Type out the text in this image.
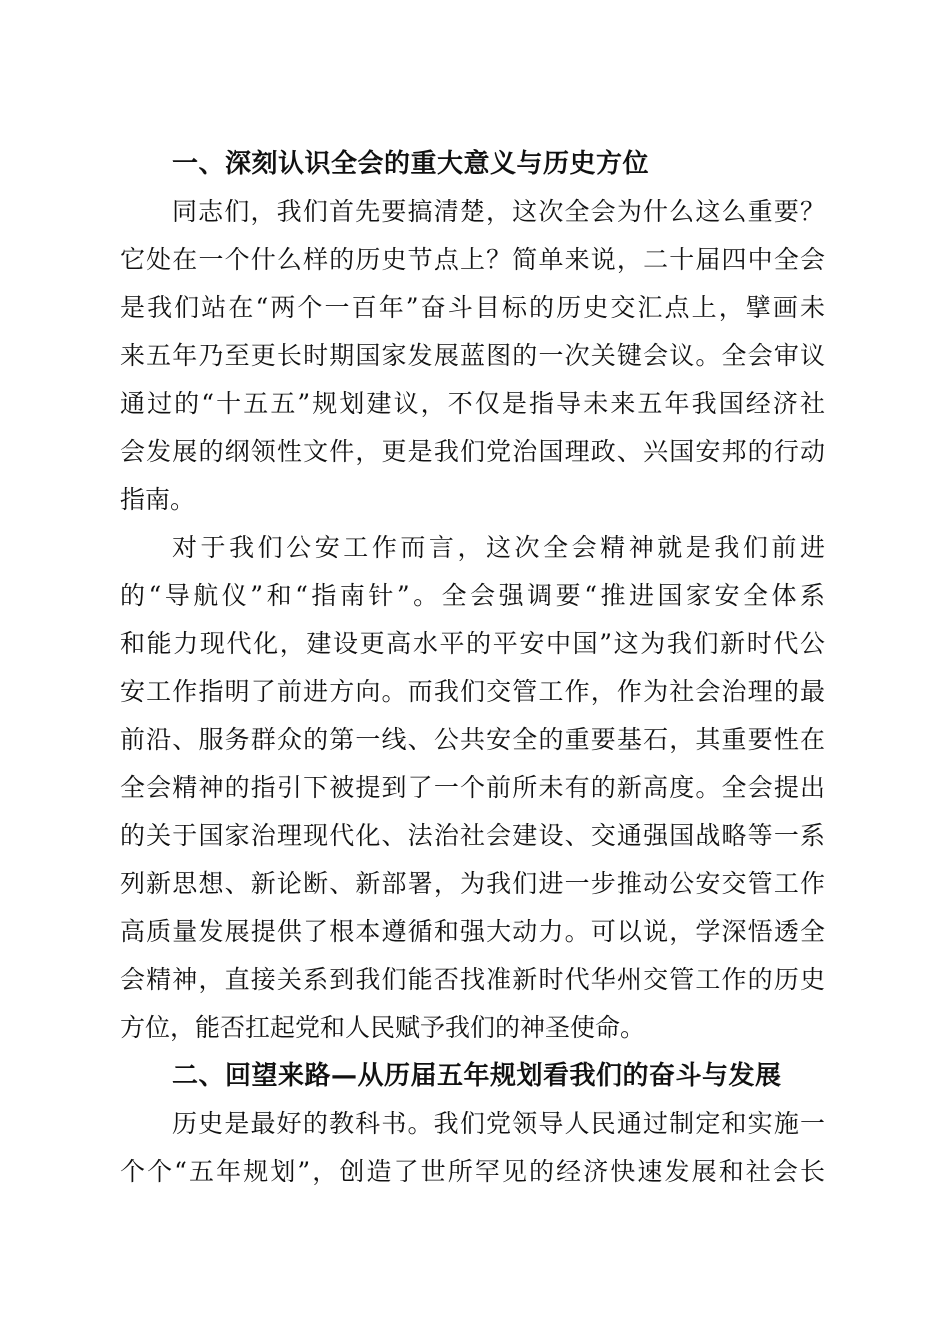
一、深刻认识全会的重大意义与历史方位
同志们，我们首先要搞清楚，这次全会为什么这么重要？
它处在一个什么样的历史节点上？简单来说，二十届四中全会
是我们站在“两个一百年”奋斗目标的历史交汇点上，擘画未
来五年乃至更长时期国家发展蓝图的一次关键会议。全会审议
通过的“十五五”规划建议，不仅是指导未来五年我国经济社
会发展的纲领性文件，更是我们党治国理政、兴国安邦的行动
指南。
对于我们公安工作而言，这次全会精神就是我们前进
的“导航仪”和“指南针”。全会强调要“推进国家安全体系
和能力现代化，建设更高水平的平安中国”这为我们新时代公
安工作指明了前进方向。而我们交管工作，作为社会治理的最
前沿、服务群众的第一线、公共安全的重要基石，其重要性在
全会精神的指引下被提到了一个前所未有的新高度。全会提出
的关于国家治理现代化、法治社会建设、交通强国战略等一系
列新思想、新论断、新部署，为我们进一步推动公安交管工作
高质量发展提供了根本遵循和强大动力。可以说，学深悟透全
会精神，直接关系到我们能否找准新时代华州交管工作的历史
方位，能否扛起党和人民赋予我们的神圣使命。
二、回望来路—从历届五年规划看我们的奋斗与发展
历史是最好的教科书。我们党领导人民通过制定和实施一
个个“五年规划”，创造了世所罕见的经济快速发展和社会长
